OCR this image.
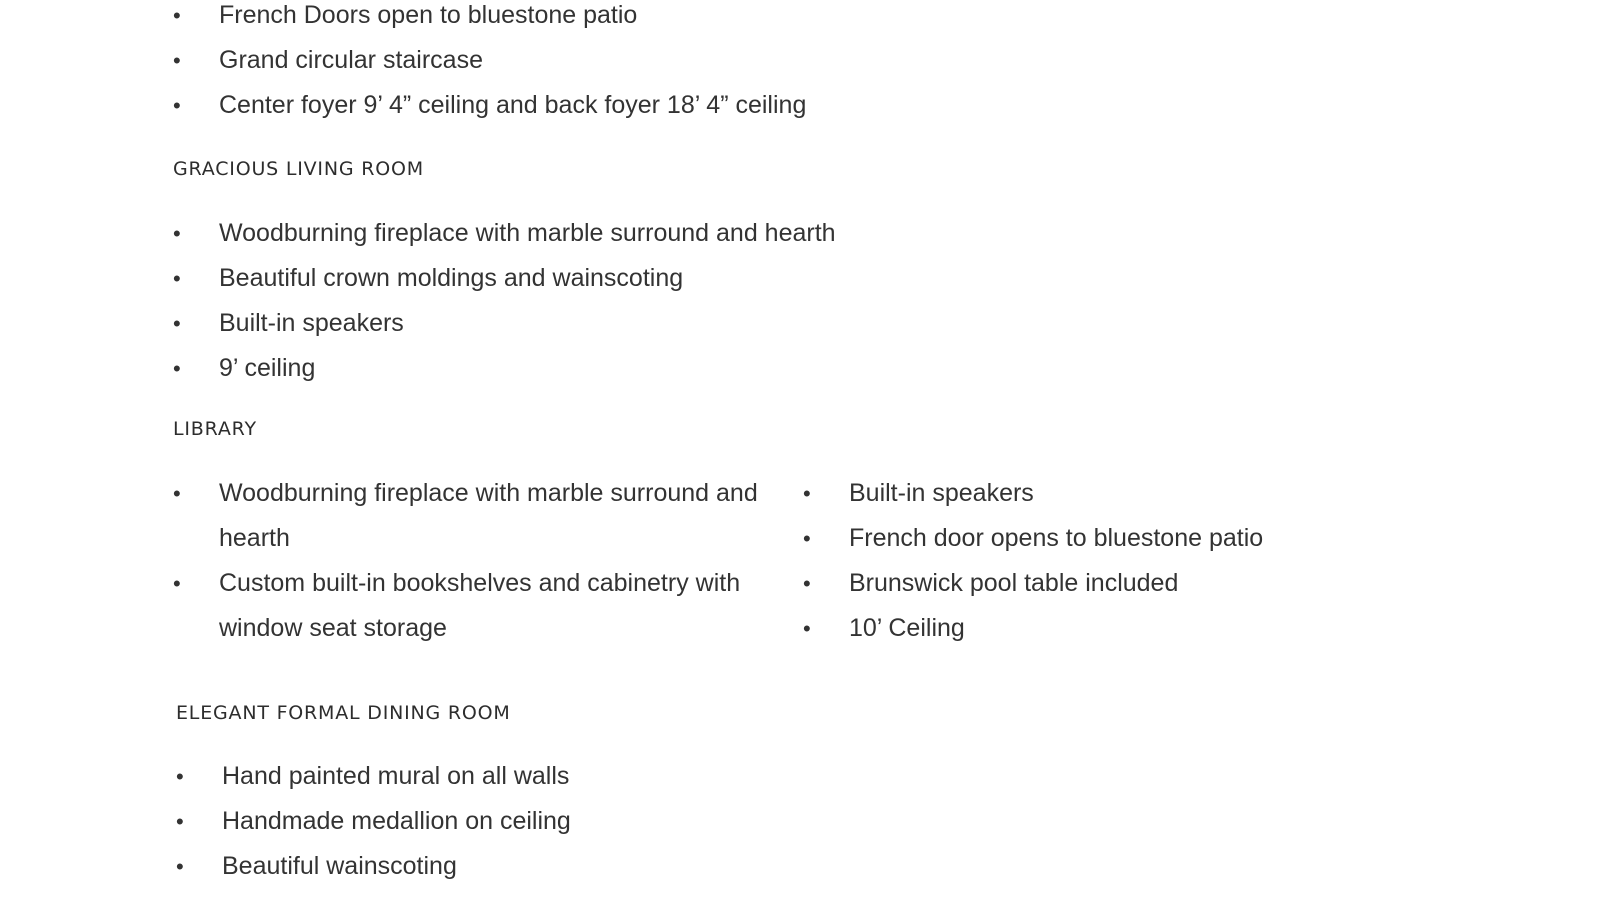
•	French Doors open to bluestone patio
•	Grand circular staircase
•	Center foyer 9’ 4” ceiling and back foyer 18’ 4” ceiling
GRACIOUS LIVING ROOM
•	Woodburning fireplace with marble surround and hearth
•	Beautiful crown moldings and wainscoting
•	Built-in speakers
•	9’ ceiling
LIBRARY
•	Woodburning fireplace with marble surround and hearth
•	Custom built-in bookshelves and cabinetry with window seat storage
•	Built-in speakers
•	French door opens to bluestone patio
•	Brunswick pool table included
•	10’ Ceiling
ELEGANT FORMAL DINING ROOM
•	Hand painted mural on all walls
•	Handmade medallion on ceiling
•	Beautiful wainscoting
